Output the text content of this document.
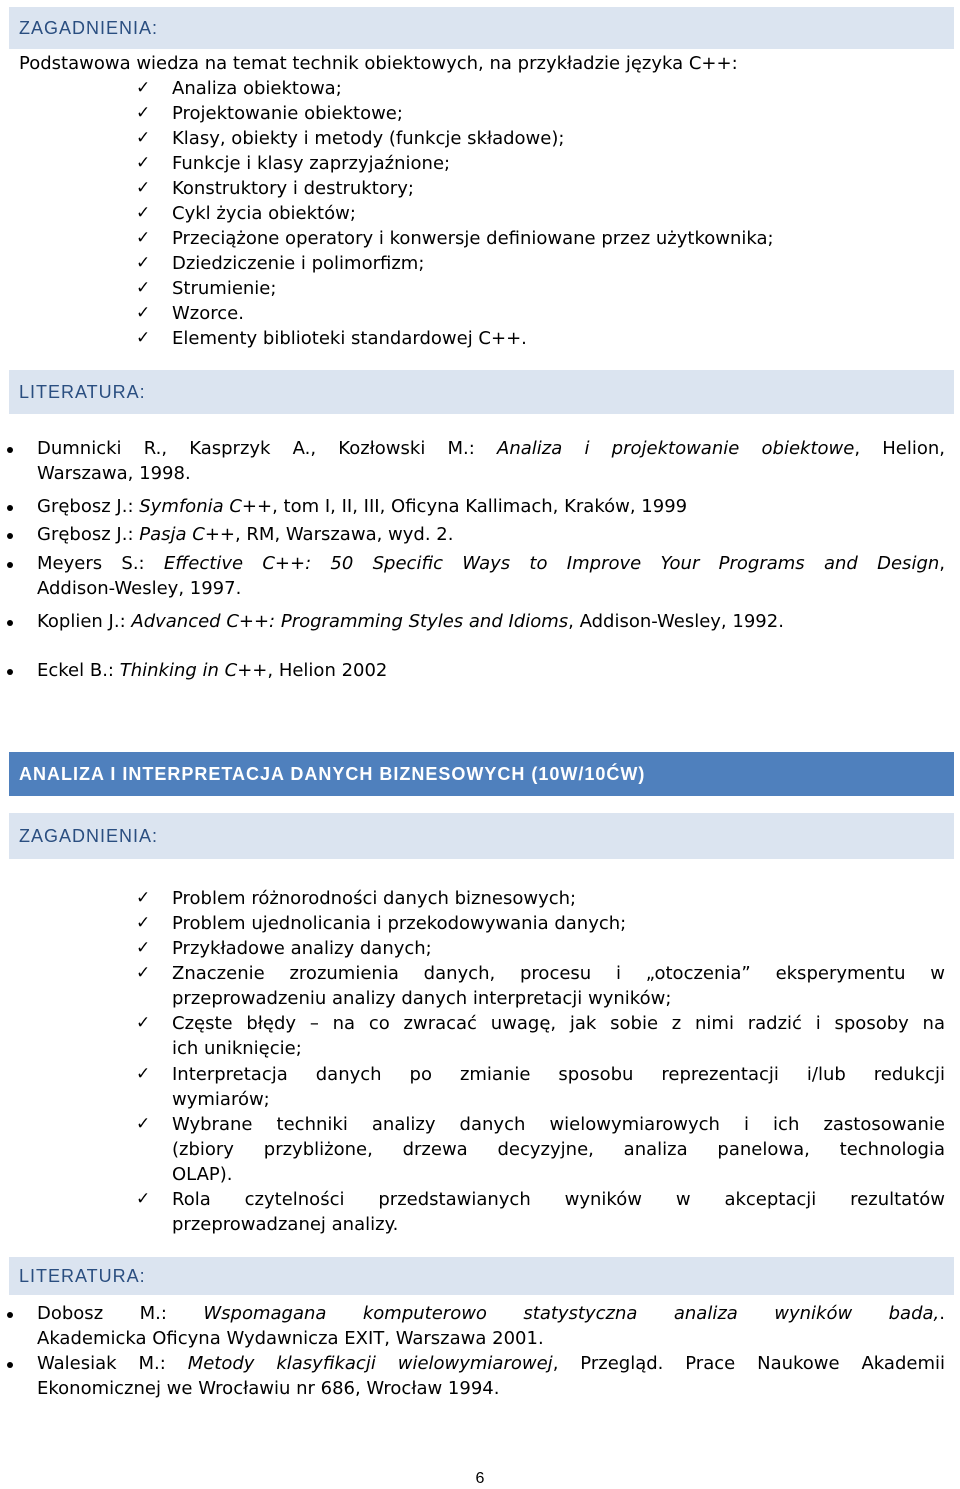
ZAGADNIENIA:
Podstawowa wiedza na temat technik obiektowych, na przykładzie języka C++:
✓ Analiza obiektowa;
✓ Projektowanie obiektowe;
✓ Klasy, obiekty i metody (funkcje składowe);
✓ Funkcje i klasy zaprzyjaźnione;
✓ Konstruktory i destruktory;
✓ Cykl życia obiektów;
✓ Przeciążone operatory i konwersje definiowane przez użytkownika;
✓ Dziedziczenie i polimorfizm;
✓ Strumienie;
✓ Wzorce.
✓ Elementy biblioteki standardowej C++.
LITERATURA:
Dumnicki R., Kasprzyk A., Kozłowski M.: Analiza i projektowanie obiektowe, Helion,
Warszawa, 1998.
Grębosz J.: Symfonia C++, tom I, II, III, Oficyna Kallimach, Kraków, 1999
Grębosz J.: Pasja C++, RM, Warszawa, wyd. 2.
Meyers S.: Effective C++: 50 Specific Ways to Improve Your Programs and Design,
Addison-Wesley, 1997.
Koplien J.: Advanced C++: Programming Styles and Idioms, Addison-Wesley, 1992.
Eckel B.: Thinking in C++, Helion 2002
ANALIZA I INTERPRETACJA DANYCH BIZNESOWYCH (10W/10ĆW)
ZAGADNIENIA:
✓ Problem różnorodności danych biznesowych;
✓ Problem ujednolicania i przekodowywania danych;
✓ Przykładowe analizy danych;
✓ Znaczenie zrozumienia danych, procesu i „otoczenia” eksperymentu w
przeprowadzeniu analizy danych interpretacji wyników;
✓ Częste błędy – na co zwracać uwagę, jak sobie z nimi radzić i sposoby na
ich uniknięcie;
✓ Interpretacja danych po zmianie sposobu reprezentacji i/lub redukcji
wymiarów;
✓ Wybrane techniki analizy danych wielowymiarowych i ich zastosowanie
(zbiory przybliżone, drzewa decyzyjne, analiza panelowa, technologia
OLAP).
✓ Rola czytelności przedstawianych wyników w akceptacji rezultatów
przeprowadzanej analizy.
LITERATURA:
Dobosz M.: Wspomagana komputerowo statystyczna analiza wyników bada,.
Akademicka Oficyna Wydawnicza EXIT, Warszawa 2001.
Walesiak M.: Metody klasyfikacji wielowymiarowej, Przegląd. Prace Naukowe Akademii
Ekonomicznej we Wrocławiu nr 686, Wrocław 1994.
6
